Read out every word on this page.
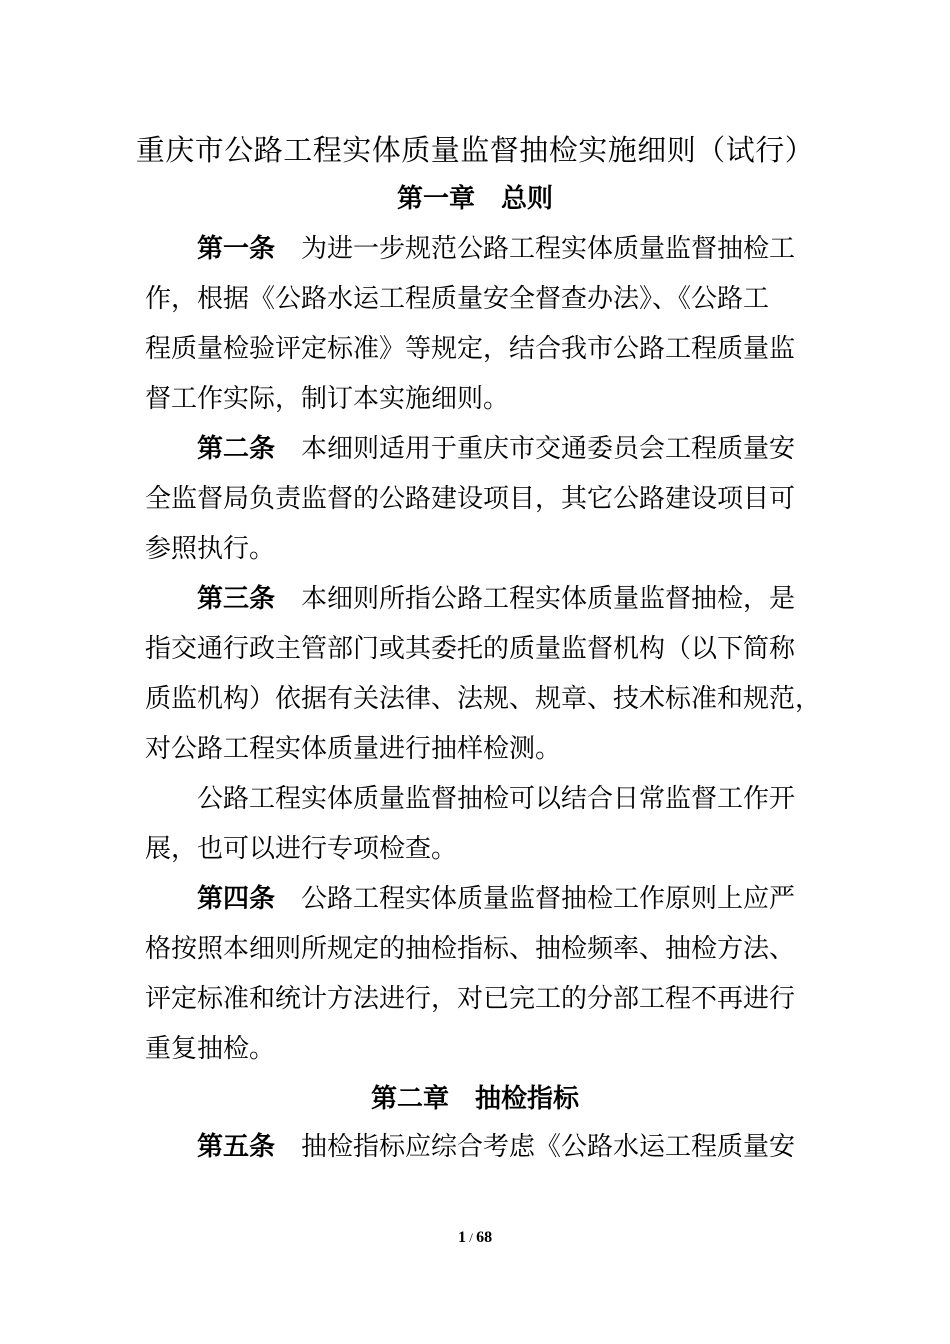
重庆市公路工程实体质量监督抽检实施细则（试行）
第一章　总则
第一条 为进一步规范公路工程实体质量监督抽检工
作，根据《公路水运工程质量安全督查办法》、《公路工
程质量检验评定标准》等规定，结合我市公路工程质量监
督工作实际，制订本实施细则。
第二条 本细则适用于重庆市交通委员会工程质量安
全监督局负责监督的公路建设项目，其它公路建设项目可
参照执行。
第三条 本细则所指公路工程实体质量监督抽检，是
指交通行政主管部门或其委托的质量监督机构（以下简称
质监机构）依据有关法律、法规、规章、技术标准和规范，
对公路工程实体质量进行抽样检测。
公路工程实体质量监督抽检可以结合日常监督工作开
展，也可以进行专项检查。
第四条 公路工程实体质量监督抽检工作原则上应严
格按照本细则所规定的抽检指标、抽检频率、抽检方法、
评定标准和统计方法进行，对已完工的分部工程不再进行
重复抽检。
第二章　抽检指标
第五条 抽检指标应综合考虑《公路水运工程质量安
1 / 68
